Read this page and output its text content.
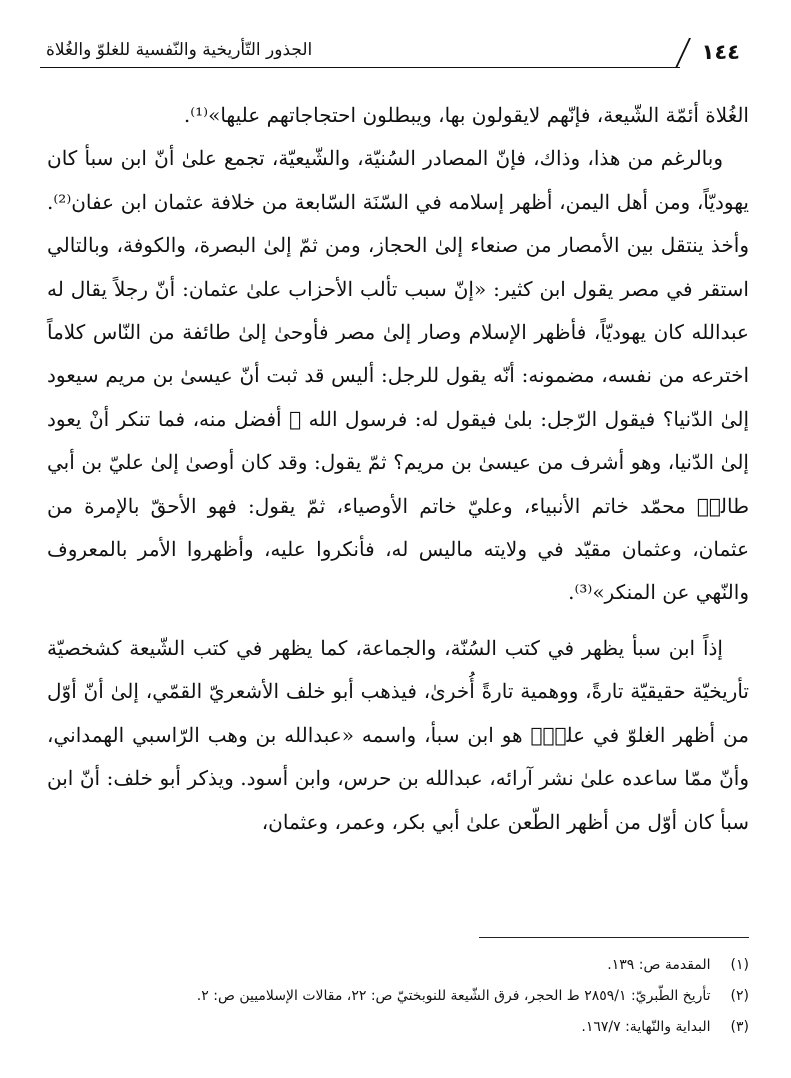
١٤٤
الجذور التّأريخية والنّفسية للغلوّ والغُلاة

الغُلاة أئمّة الشّيعة، فإنّهم لايقولون بها، ويبطلون احتجاجاتهم عليها»⁽¹⁾.

وبالرغم من هذا، وذاك، فإنّ المصادر السُنيّة، والشّيعيّة، تجمع علىٰ أنّ ابن سبأ كان يهوديّاً، ومن أهل اليمن، أظهر إسلامه في السّنَة السّابعة من خلافة عثمان ابن عفان⁽²⁾. وأخذ ينتقل بين الأمصار من صنعاء إلىٰ الحجاز، ومن ثمّ إلىٰ البصرة، والكوفة، وبالتالي استقر في مصر يقول ابن كثير: «إنّ سبب تألب الأحزاب علىٰ عثمان: أنّ رجلاً يقال له عبدالله كان يهوديّاً، فأظهر الإسلام وصار إلىٰ مصر فأوحىٰ إلىٰ طائفة من النّاس كلاماً اخترعه من نفسه، مضمونه: أنّه يقول للرجل: أليس قد ثبت أنّ عيسىٰ بن مريم سيعود إلىٰ الدّنيا؟ فيقول الرّجل: بلىٰ فيقول له: فرسول الله ﷺ أفضل منه، فما تنكر أنْ يعود إلىٰ الدّنيا، وهو أشرف من عيسىٰ بن مريم؟ ثمّ يقول: وقد كان أوصىٰ إلىٰ عليّ بن أبي طالبؑ محمّد خاتم الأنبياء، وعليّ خاتم الأوصياء، ثمّ يقول: فهو الأحقّ بالإمرة من عثمان، وعثمان مقيّد في ولايته ماليس له، فأنكروا عليه، وأظهروا الأمر بالمعروف والنّهي عن المنكر»⁽³⁾.

إذاً ابن سبأ يظهر في كتب السُنّة، والجماعة، كما يظهر في كتب الشّيعة كشخصيّة تأريخيّة حقيقيّة تارةً، ووهمية تارةً أُخرىٰ، فيذهب أبو خلف الأشعريّ القمّي، إلىٰ أنّ أوّل من أظهر الغلوّ في عليّؑ هو ابن سبأ، واسمه «عبدالله بن وهب الرّاسبي الهمداني، وأنّ ممّا ساعده علىٰ نشر آرائه، عبدالله بن حرس، وابن أسود. ويذكر أبو خلف: أنّ ابن سبأ كان أوّل من أظهر الطّعن علىٰ أبي بكر، وعمر، وعثمان،

(١) المقدمة ص: ١٣٩.

(٢) تأريخ الطّبريّ: ٢٨٥٩/١ ط الحجر، فرق الشّيعة للنوبختيّ ص: ٢٢، مقالات الإسلاميين ص: ٢.

(٣) البداية والنّهاية: ١٦٧/٧.
